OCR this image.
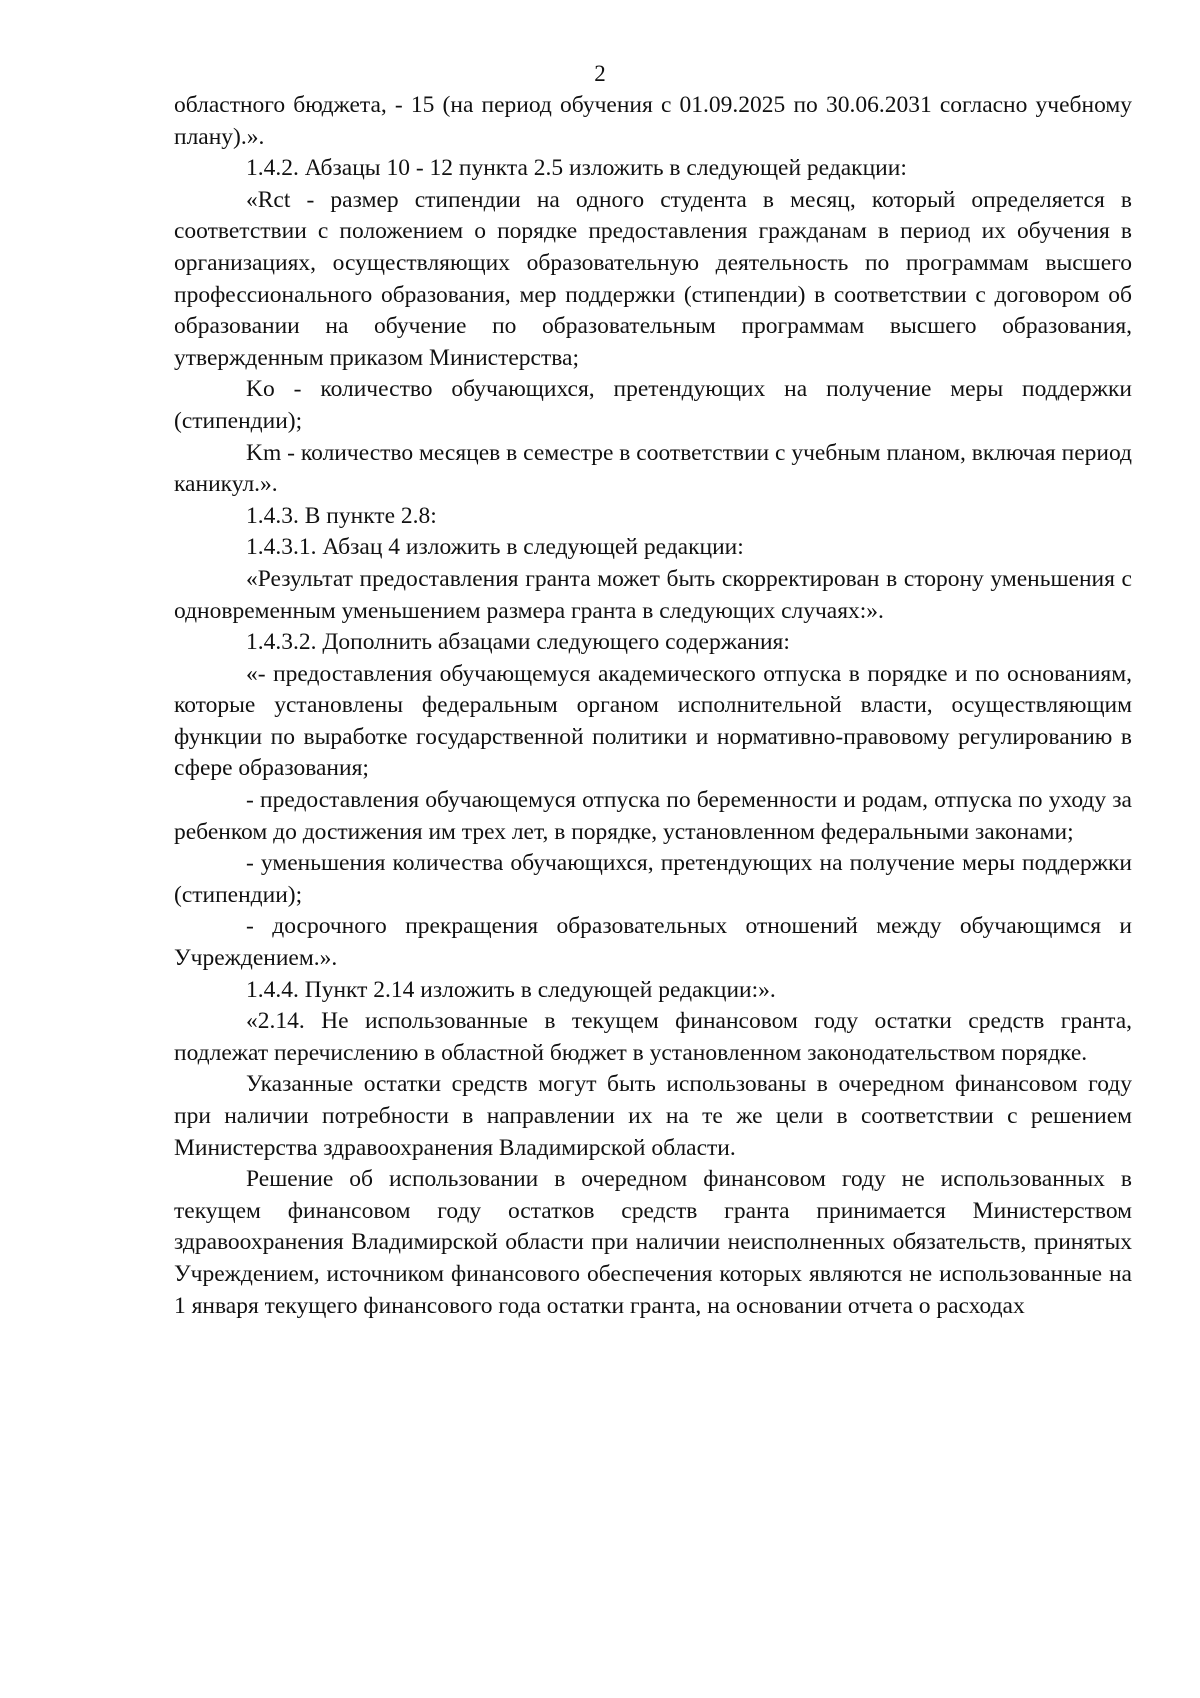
2

областного бюджета, - 15 (на период обучения с 01.09.2025 по 30.06.2031 согласно учебному плану).».

1.4.2. Абзацы 10 - 12 пункта 2.5 изложить в следующей редакции:

«Rct - размер стипендии на одного студента в месяц, который определяется в соответствии с положением о порядке предоставления гражданам в период их обучения в организациях, осуществляющих образовательную деятельность по программам высшего профессионального образования, мер поддержки (стипендии) в соответствии с договором об образовании на обучение по образовательным программам высшего образования, утвержденным приказом Министерства;

Ko - количество обучающихся, претендующих на получение меры поддержки (стипендии);

Km - количество месяцев в семестре в соответствии с учебным планом, включая период каникул.».

1.4.3. В пункте 2.8:

1.4.3.1. Абзац 4 изложить в следующей редакции:

«Результат предоставления гранта может быть скорректирован в сторону уменьшения с одновременным уменьшением размера гранта в следующих случаях:».

1.4.3.2. Дополнить абзацами следующего содержания:

«- предоставления обучающемуся академического отпуска в порядке и по основаниям, которые установлены федеральным органом исполнительной власти, осуществляющим функции по выработке государственной политики и нормативно-правовому регулированию в сфере образования;

- предоставления обучающемуся отпуска по беременности и родам, отпуска по уходу за ребенком до достижения им трех лет, в порядке, установленном федеральными законами;

- уменьшения количества обучающихся, претендующих на получение меры поддержки (стипендии);

- досрочного прекращения образовательных отношений между обучающимся и Учреждением.».

1.4.4. Пункт 2.14 изложить в следующей редакции:».

«2.14. Не использованные в текущем финансовом году остатки средств гранта, подлежат перечислению в областной бюджет в установленном законодательством порядке.

Указанные остатки средств могут быть использованы в очередном финансовом году при наличии потребности в направлении их на те же цели в соответствии с решением Министерства здравоохранения Владимирской области.

Решение об использовании в очередном финансовом году не использованных в текущем финансовом году остатков средств гранта принимается Министерством здравоохранения Владимирской области при наличии неисполненных обязательств, принятых Учреждением, источником финансового обеспечения которых являются не использованные на 1 января текущего финансового года остатки гранта, на основании отчета о расходах
